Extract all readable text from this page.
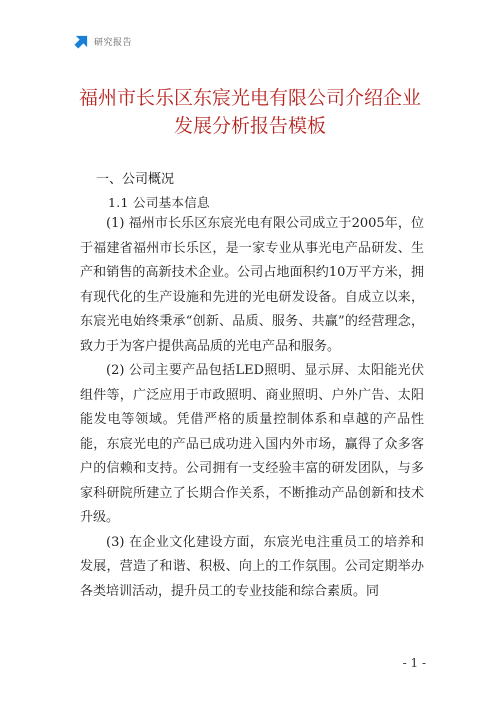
研究报告
福州市长乐区东宸光电有限公司介绍企业
发展分析报告模板
一、公司概况
1.1 公司基本信息

(1) 福州市长乐区东宸光电有限公司成立于2005年，位于福建省福州市长乐区，是一家专业从事光电产品研发、生产和销售的高新技术企业。公司占地面积约10万平方米，拥有现代化的生产设施和先进的光电研发设备。自成立以来，东宸光电始终秉承“创新、品质、服务、共赢”的经营理念，致力于为客户提供高品质的光电产品和服务。

(2) 公司主要产品包括LED照明、显示屏、太阳能光伏组件等，广泛应用于市政照明、商业照明、户外广告、太阳能发电等领域。凭借严格的质量控制体系和卓越的产品性能，东宸光电的产品已成功进入国内外市场，赢得了众多客户的信赖和支持。公司拥有一支经验丰富的研发团队，与多家科研院所建立了长期合作关系，不断推动产品创新和技术升级。

(3) 在企业文化建设方面，东宸光电注重员工的培养和发展，营造了和谐、积极、向上的工作氛围。公司定期举办各类培训活动，提升员工的专业技能和综合素质。同

- 1 -
